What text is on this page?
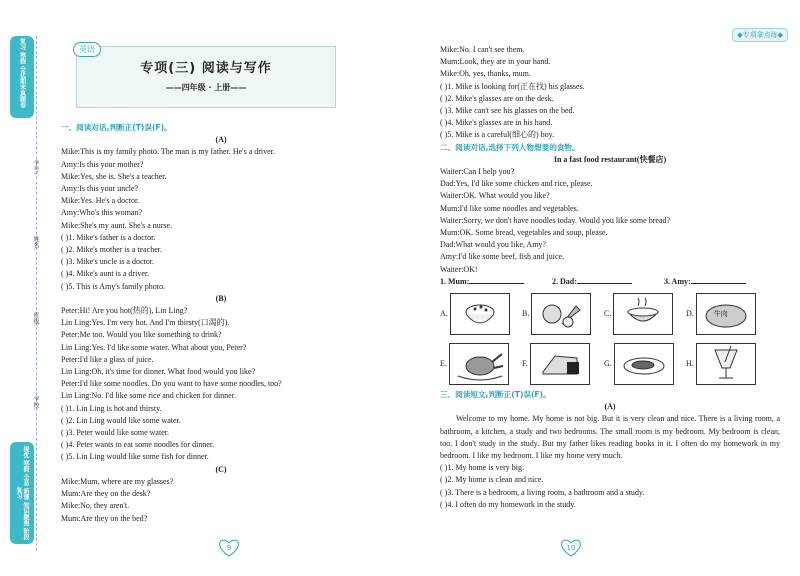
复习 寒假 全优期末真题卷
学号:
姓名:
班级:
学校:
提优 寒假 全易 新课 知识聚焦 阶段复习
英语
专项(三) 阅读与写作
——四年级 · 上册——
一、阅读对话,判断正(T)误(F)。
(A)
Mike:This is my family photo. The man is my father. He's a driver.
Amy:Is this your mother?
Mike:Yes, she is. She's a teacher.
Amy:Is this your uncle?
Mike:Yes. He's a doctor.
Amy:Who's this woman?
Mike:She's my aunt. She's a nurse.
( )1. Mike's father is a doctor.
( )2. Mike's mother is a teacher.
( )3. Mike's uncle is a doctor.
( )4. Mike's aunt is a driver.
( )5. This is Amy's family photo.
(B)
Peter:Hi! Are you hot(热的), Lin Ling?
Lin Ling:Yes. I'm very hot. And I'm thirsty(口渴的).
Peter:Me too. Would you like something to drink?
Lin Ling:Yes. I'd like some water. What about you, Peter?
Peter:I'd like a glass of juice.
Lin Ling:Oh, it's time for dinner. What food would you like?
Peter:I'd like some noodles. Do you want to have some noodles, too?
Lin Ling:No. I'd like some rice and chicken for dinner.
( )1. Lin Ling is hot and thirsty.
( )2. Lin Ling would like some water.
( )3. Peter would like some water.
( )4. Peter wants to eat some noodles for dinner.
( )5. Lin Ling would like some fish for dinner.
(C)
Mike:Mum, where are my glasses?
Mum:Are they on the desk?
Mike:No, they aren't.
Mum:Are they on the bed?
9
◆专项拿点练◆
Mike:No. I can't see them.
Mum:Look, they are in your hand.
Mike:Oh, yes, thanks, mum.
( )1. Mike is looking for(正在找) his glasses.
( )2. Mike's glasses are on the desk.
( )3. Mike can't see his glasses on the bed.
( )4. Mike's glasses are in his hand.
( )5. Mike is a careful(细心的) boy.
二、阅读对话,选择下列人物想要的食物。
In a fast food restaurant(快餐店)
Waiter:Can I help you?
Dad:Yes, I'd like some chicken and rice, please.
Waiter:OK. What would you like?
Mum:I'd like some noodles and vegetables.
Waiter:Sorry, we don't have noodles today. Would you like some bread?
Mum:OK. Some bread, vegetables and soup, please.
Dad:What would you like, Amy?
Amy:I'd like some beef, fish and juice.
Waiter:OK!
1. Mum:	2. Dad:	3. Amy:
A.	B.	C.	D.	牛肉
E.	F.	G.	H.
三、阅读短文,判断正(T)误(F)。
(A)
Welcome to my home. My home is not big. But it is very clean and nice. There is a living room, a bathroom, a kitchen, a study and two bedrooms. The small room is my bedroom. My bedroom is clean, too. I don't study in the study. But my father likes reading books in it. I often do my homework in my bedroom. I like my bedroom. I like my home very much.
( )1. My home is very big.
( )2. My home is clean and nice.
( )3. There is a bedroom, a living room, a bathroom and a study.
( )4. I often do my homework in the study.
10
